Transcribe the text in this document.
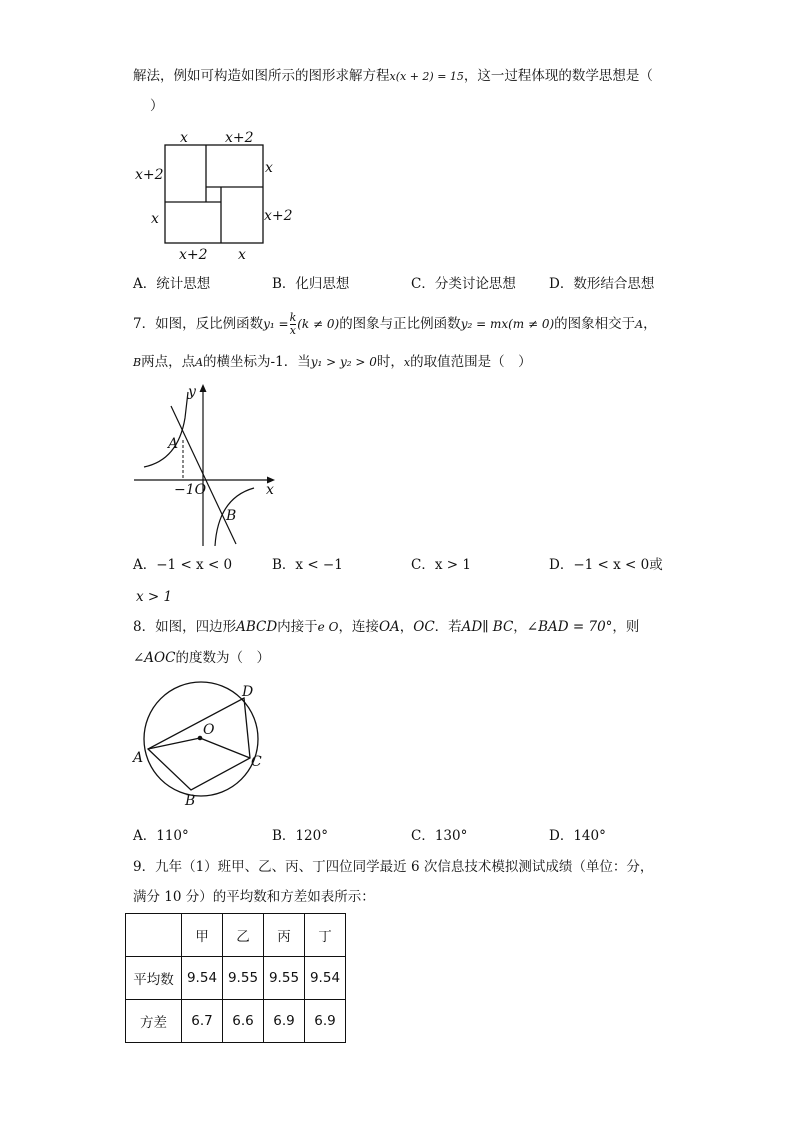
解法，例如可构造如图所示的图形求解方程x(x + 2) = 15，这一过程体现的数学思想是（
）
x	x+2
x+2
x
x
x+2
x+2 x
A．统计思想	B．化归思想	C．分类讨论思想 D．数形结合思想
7．如图，反比例函数$y_1 = \frac{k}{x} (k \ne 0)$的图象与正比例函数y₂ = mx(m ≠ 0)的图象相交于A，
B两点，点A的横坐标为-1．当y₁ > y₂ > 0时，x的取值范围是（　）
y
x
A
B
−1O
A．−1 < x < 0	B．x < −1	C．x > 1	D．−1 < x < 0或
x > 1
8．如图，四边形ABCD内接于e O，连接OA，OC．若AD∥ BC，∠BAD = 70°，则
∠AOC的度数为（　）
A
B
C
D
O
A．110°	B．120°	C．130°	D．140°
9．九年（1）班甲、乙、丙、丁四位同学最近 6 次信息技术模拟测试成绩（单位：分，
满分 10 分）的平均数和方差如表所示：
	甲	乙	丙	丁
平均数	9.54	9.55	9.55	9.54
方差	6.7	6.6	6.9	6.9
